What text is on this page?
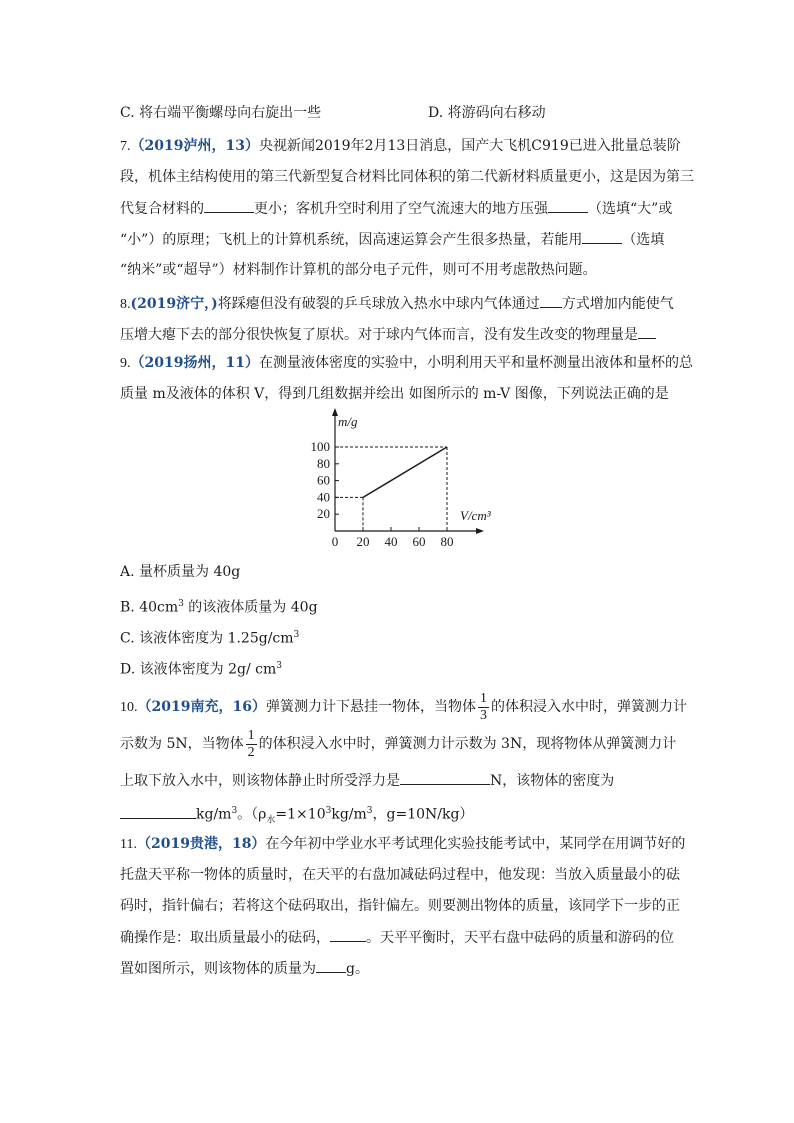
C. 将右端平衡螺母向右旋出一些	D. 将游码向右移动
7.（2019泸州，13）央视新闻2019年2月13日消息，国产大飞机C919已进入批量总装阶
段，机体主结构使用的第三代新型复合材料比同体积的第二代新材料质量更小，这是因为第三
代复合材料的	更小；客机升空时利用了空气流速大的地方压强	（选填“大”或
“小”）的原理；飞机上的计算机系统，因高速运算会产生很多热量，若能用	（选填
“纳米”或“超导”）材料制作计算机的部分电子元件，则可不用考虑散热问题。
8.(2019济宁，)将踩瘪但没有破裂的乒乓球放入热水中球内气体通过 方式增加内能使气
压增大瘪下去的部分很快恢复了原状。对于球内气体而言，没有发生改变的物理量是
9.（2019扬州，11）在测量液体密度的实验中，小明利用天平和量杯测量出液体和量杯的总
质量 m及液体的体积 V，得到几组数据并绘出 如图所示的 m-V 图像，下列说法正确的是
m/g
V/cm³
0 20 40 60 80
20
40
60
80
100
A. 量杯质量为 40g
B. $40cm^3$ 的该液体质量为 40g
C. 该液体密度为 $1.25g/cm^3$
D. 该液体密度为 2g/ $cm^3$
10.（2019南充，16）弹簧测力计下悬挂一物体，当物体 $\frac{1}{3}$ 的体积浸入水中时，弹簧测力计
示数为 5N，当物体 $\frac{1}{2}$ 的体积浸入水中时，弹簧测力计示数为 3N，现将物体从弹簧测力计
上取下放入水中，则该物体静止时所受浮力是	N，该物体的密度为
$kg/m^3$。（$\rho_水=1\times 10^3kg/m^3$，g=10N/kg）
11.（2019贵港，18）在今年初中学业水平考试理化实验技能考试中，某同学在用调节好的
托盘天平称一物体的质量时，在天平的右盘加减砝码过程中，他发现：当放入质量最小的砝
码时，指针偏右；若将这个砝码取出，指针偏左。则要测出物体的质量，该同学下一步的正
确操作是：取出质量最小的砝码，	。天平平衡时，天平右盘中砝码的质量和游码的位
置如图所示，则该物体的质量为 g。
